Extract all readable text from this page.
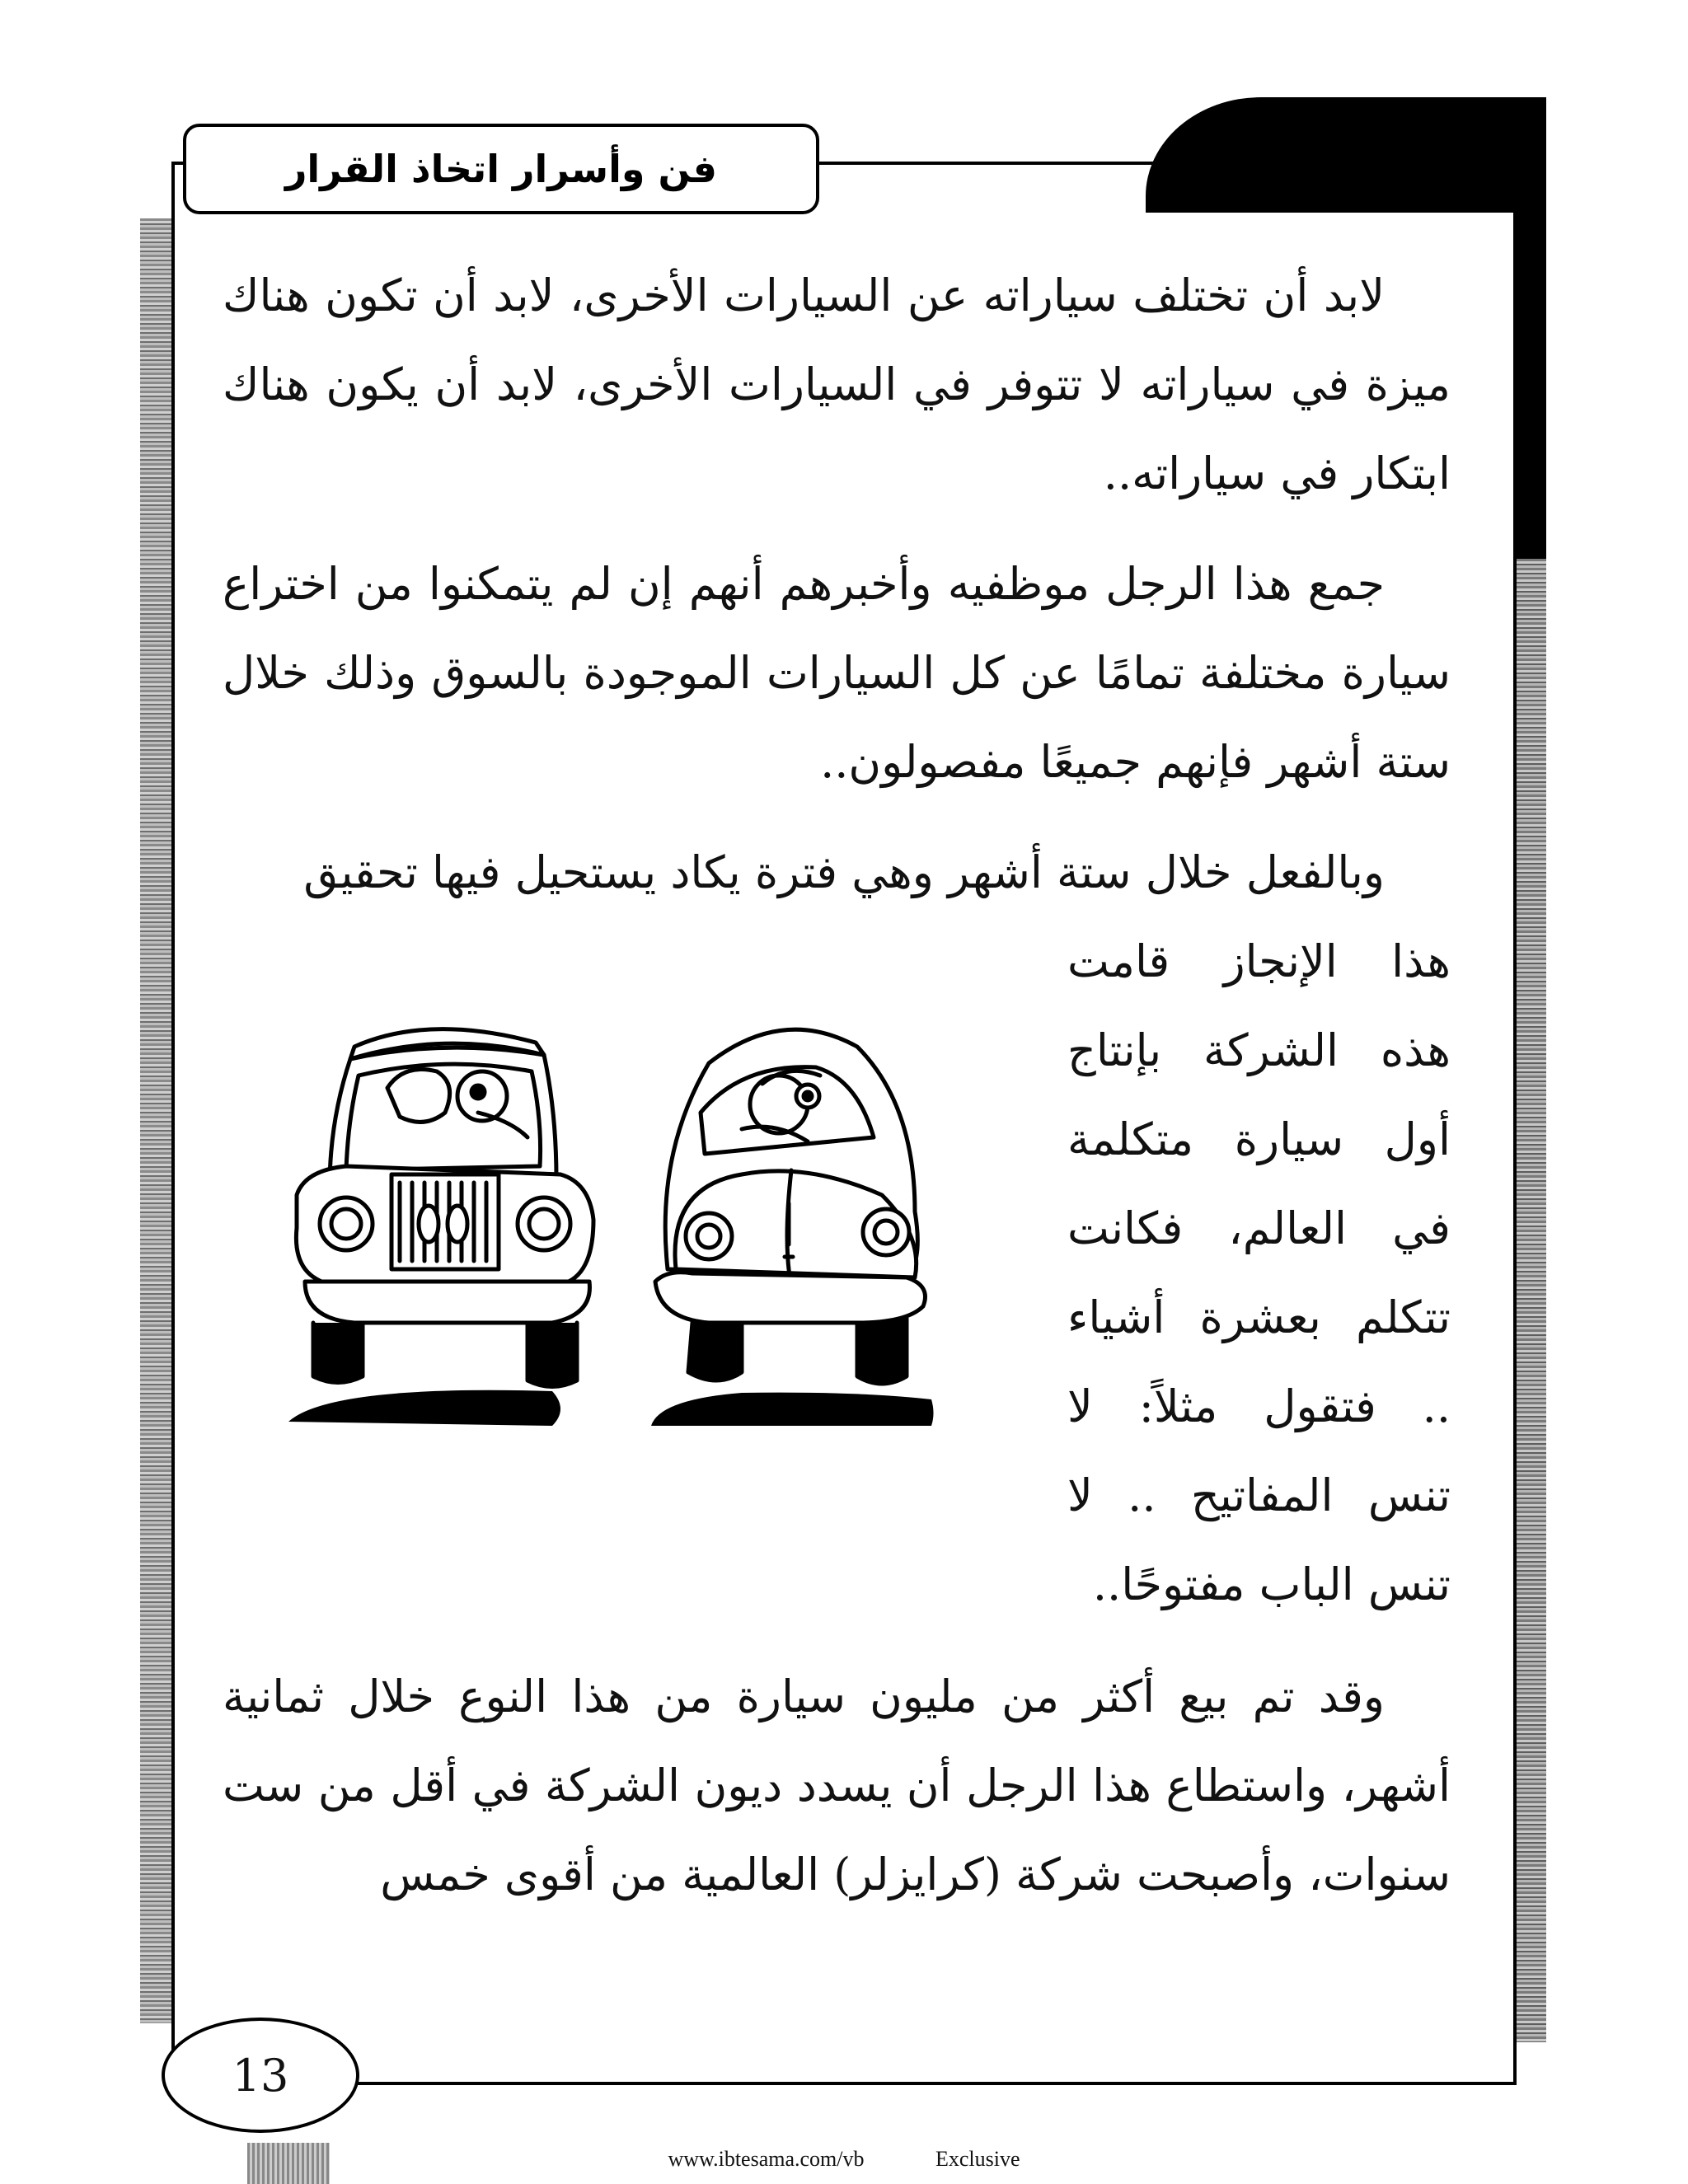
فن وأسرار اتخاذ القرار
لابد أن تختلف سياراته عن السيارات الأخرى، لابد أن تكون هناك ميزة في سياراته لا تتوفر في السيارات الأخرى، لابد أن يكون هناك ابتكار في سياراته..
جمع هذا الرجل موظفيه وأخبرهم أنهم إن لم يتمكنوا من اختراع سيارة مختلفة تمامًا عن كل السيارات الموجودة بالسوق وذلك خلال ستة أشهر فإنهم جميعًا مفصولون..
وبالفعل خلال ستة أشهر وهي فترة يكاد يستحيل فيها تحقيق
هذا الإنجاز قامت هذه الشركة بإنتاج أول سيارة متكلمة في العالم، فكانت تتكلم بعشرة أشياء .. فتقول مثلاً: لا تنس المفاتيح .. لا تنس الباب مفتوحًا..
وقد تم بيع أكثر من مليون سيارة من هذا النوع خلال ثمانية أشهر، واستطاع هذا الرجل أن يسدد ديون الشركة في أقل من ست سنوات، وأصبحت شركة (كرايزلر) العالمية من أقوى خمس
13
www.ibtesama.com/vb	Exclusive
